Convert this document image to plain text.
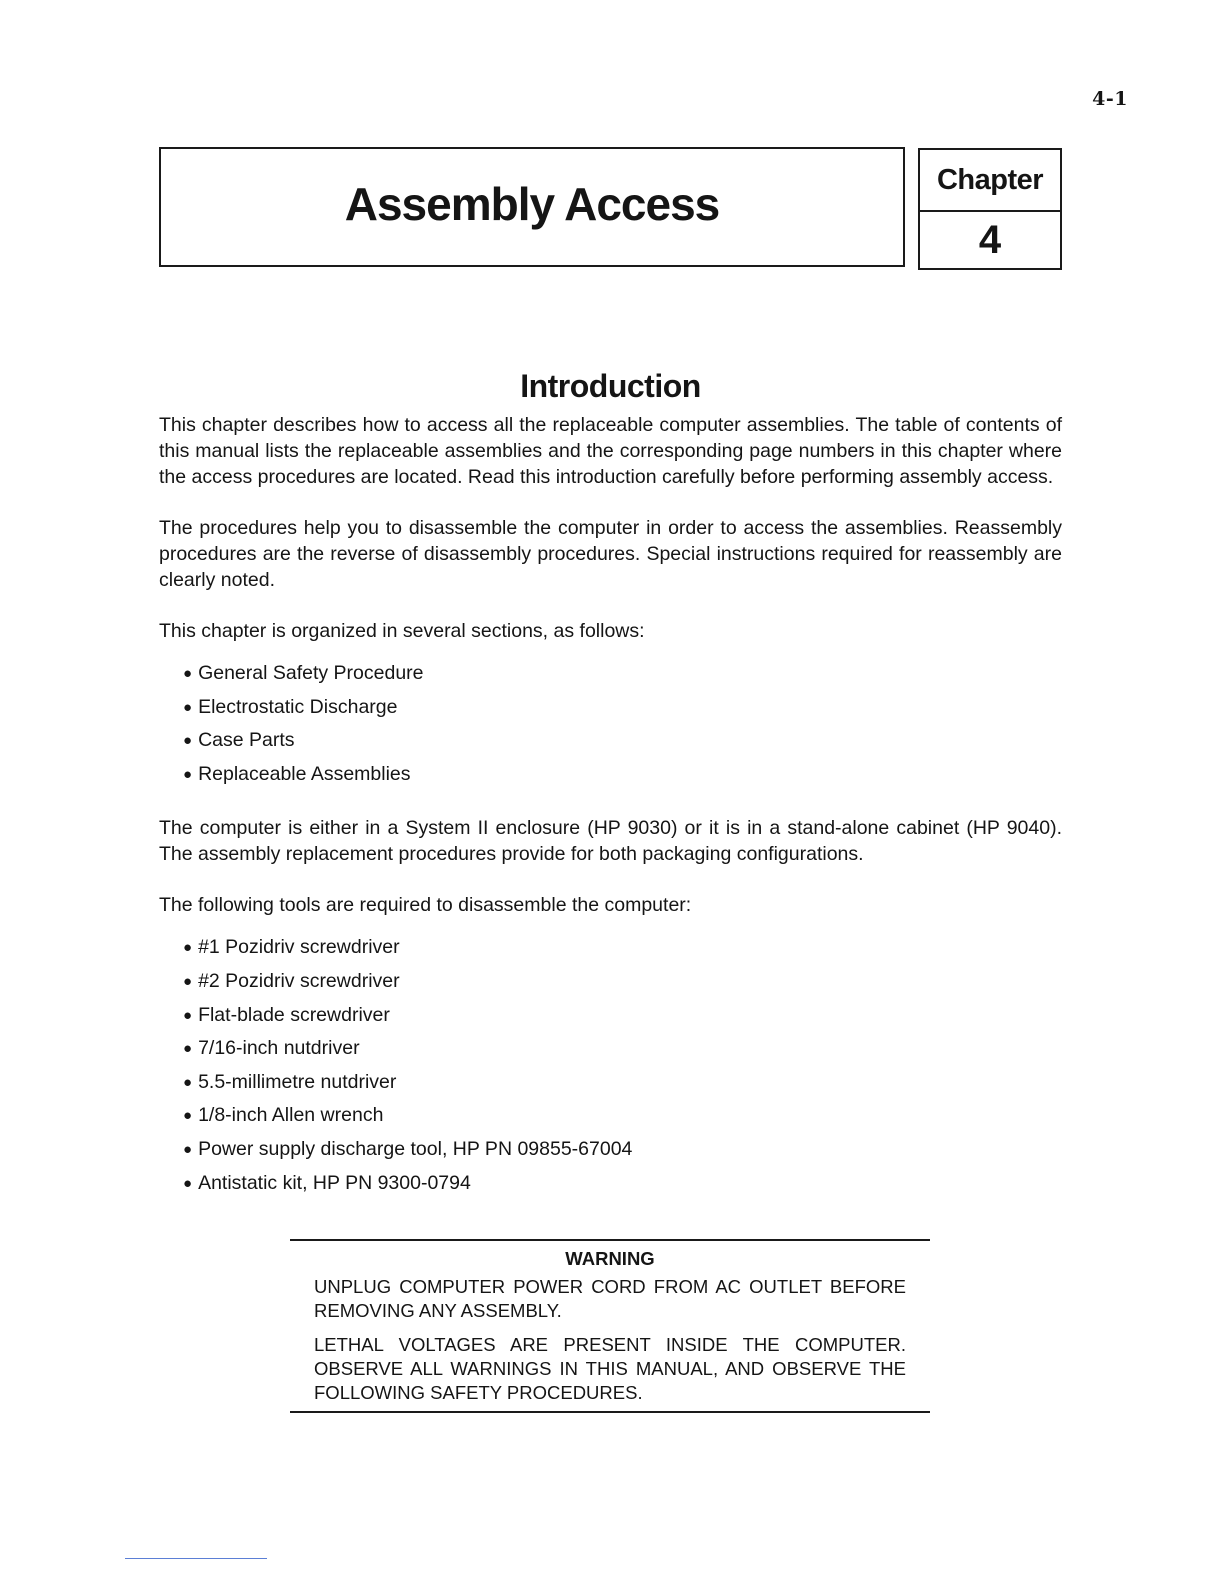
4-1
Assembly Access	Chapter
4
Introduction

This chapter describes how to access all the replaceable computer assemblies. The table of contents of this manual lists the replaceable assemblies and the corresponding page numbers in this chapter where the access procedures are located. Read this introduction carefully before performing assembly access.

The procedures help you to disassemble the computer in order to access the assemblies. Reassembly procedures are the reverse of disassembly procedures. Special instructions required for reassembly are clearly noted.

This chapter is organized in several sections, as follows:

● General Safety Procedure
● Electrostatic Discharge
● Case Parts
● Replaceable Assemblies

The computer is either in a System II enclosure (HP 9030) or it is in a stand-alone cabinet (HP 9040). The assembly replacement procedures provide for both packaging configurations.

The following tools are required to disassemble the computer:

● #1 Pozidriv screwdriver
● #2 Pozidriv screwdriver
● Flat-blade screwdriver
● 7/16-inch nutdriver
● 5.5-millimetre nutdriver
● 1/8-inch Allen wrench
● Power supply discharge tool, HP PN 09855-67004
● Antistatic kit, HP PN 9300-0794
WARNING

UNPLUG COMPUTER POWER CORD FROM AC OUTLET BEFORE REMOVING ANY ASSEMBLY.

LETHAL VOLTAGES ARE PRESENT INSIDE THE COMPUTER. OBSERVE ALL WARNINGS IN THIS MANUAL, AND OBSERVE THE FOLLOWING SAFETY PROCEDURES.
